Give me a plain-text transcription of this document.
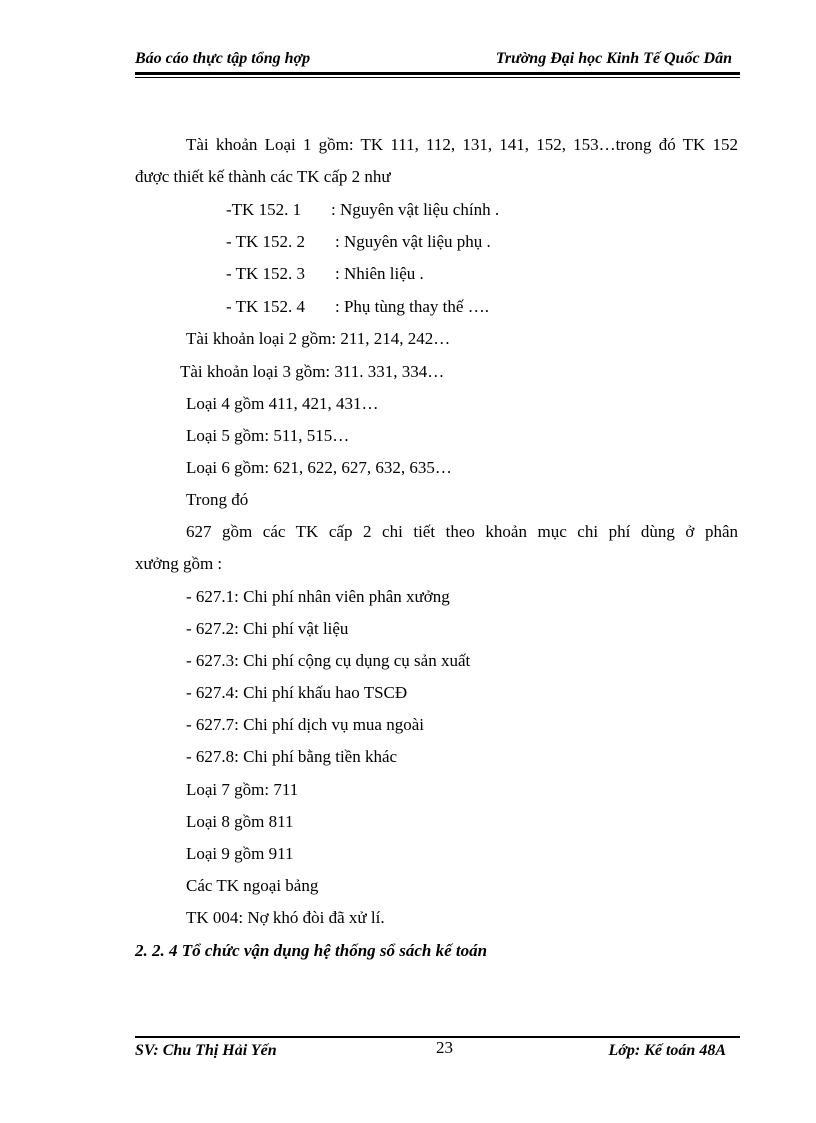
Báo cáo thực tập tổng hợp	Trường Đại học Kinh Tế Quốc Dân
Tài khoản Loại 1 gồm: TK 111, 112, 131, 141, 152, 153…trong đó TK 152
được thiết kế thành các TK cấp 2 như
-TK 152. 1 : Nguyên vật liệu chính .
- TK 152. 2 : Nguyên vật liệu phụ .
- TK 152. 3 : Nhiên liệu .
- TK 152. 4 : Phụ tùng thay thế ….
Tài khoản loại 2 gồm: 211, 214, 242…
Tài khoản loại 3 gồm: 311. 331, 334…
Loại 4 gồm 411, 421, 431…
Loại 5 gồm: 511, 515…
Loại 6 gồm: 621, 622, 627, 632, 635…
Trong đó
627 gồm các TK cấp 2 chi tiết theo khoản mục chi phí dùng ở phân
xưởng gồm :
- 627.1: Chi phí nhân viên phân xưởng
- 627.2: Chi phí vật liệu
- 627.3: Chi phí cộng cụ dụng cụ sản xuất
- 627.4: Chi phí khấu hao TSCĐ
- 627.7: Chi phí dịch vụ mua ngoài
- 627.8: Chi phí bằng tiền khác
Loại 7 gồm: 711
Loại 8 gồm 811
Loại 9 gồm 911
Các TK ngoại bảng
TK 004: Nợ khó đòi đã xử lí.
2. 2. 4 Tổ chức vận dụng hệ thống sổ sách kế toán
SV: Chu Thị Hải Yến	23	Lớp: Kế toán 48A
